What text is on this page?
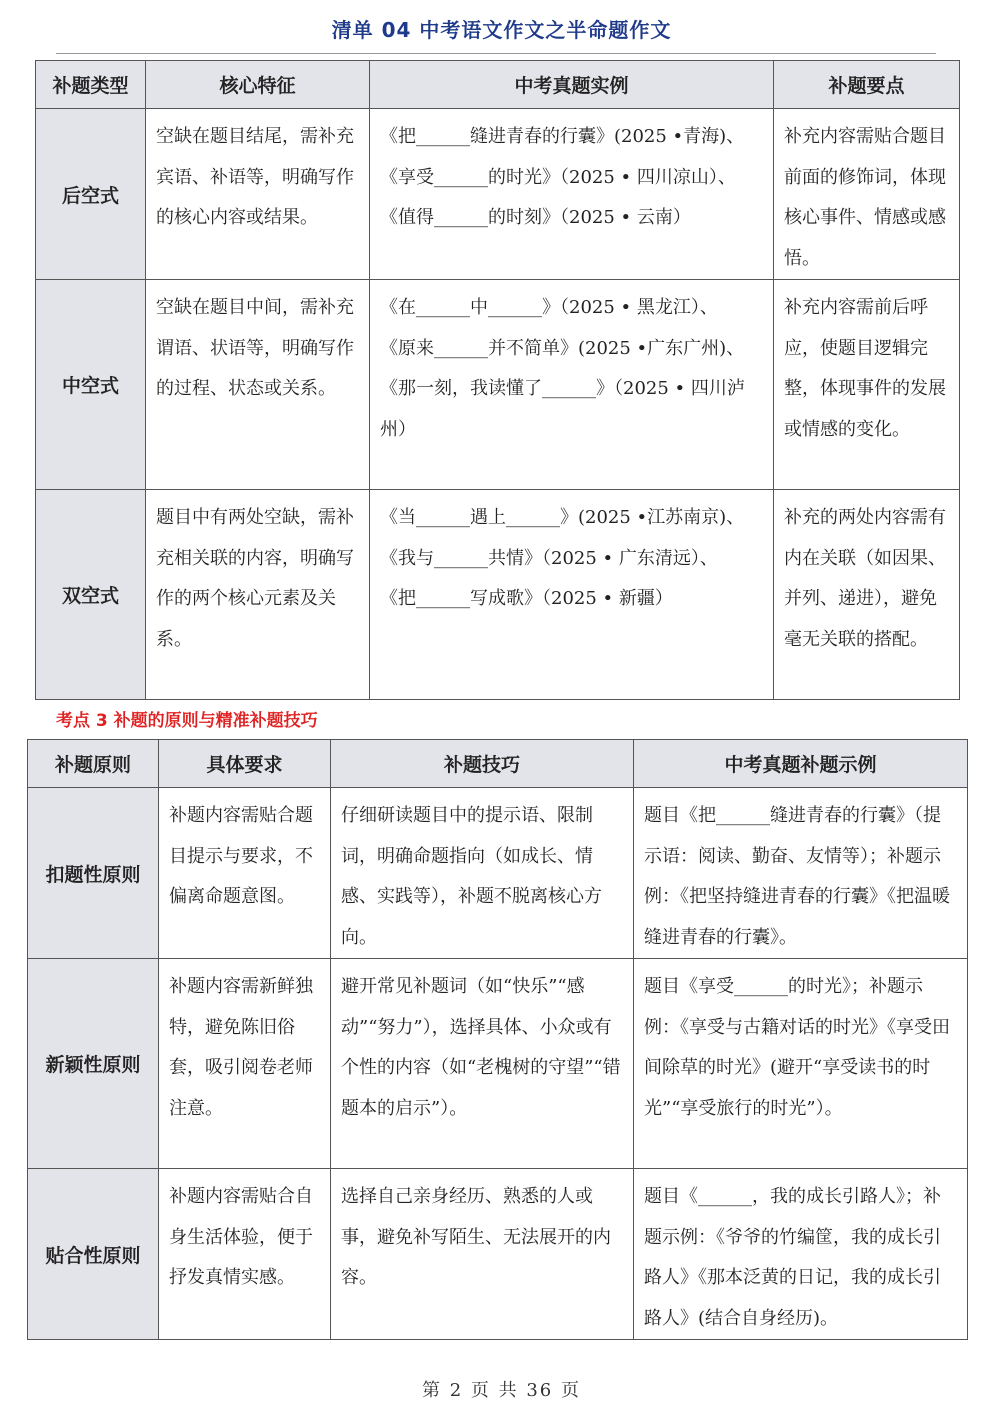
清单 04 中考语文作文之半命题作文
补题类型	核心特征	中考真题实例	补题要点
后空式	空缺在题目结尾，需补充宾语、补语等，明确写作的核心内容或结果。	《把______缝进青春的行囊》(2025 •青海)、
《享受______的时光》（2025 • 四川凉山）、
《值得______的时刻》（2025 • 云南）	补充内容需贴合题目前面的修饰词，体现核心事件、情感或感悟。
中空式	空缺在题目中间，需补充谓语、状语等，明确写作的过程、状态或关系。	《在______中______》（2025 • 黑龙江）、
《原来______并不简单》(2025 •广东广州)、
《那一刻，我读懂了______》（2025 • 四川泸州）	补充内容需前后呼应，使题目逻辑完整，体现事件的发展或情感的变化。
双空式	题目中有两处空缺，需补充相关联的内容，明确写作的两个核心元素及关系。	《当______遇上______》(2025 •江苏南京)、
《我与______共情》（2025 • 广东清远）、
《把______写成歌》（2025 • 新疆）	补充的两处内容需有内在关联（如因果、并列、递进），避免毫无关联的搭配。
考点 3 补题的原则与精准补题技巧
补题原则	具体要求	补题技巧	中考真题补题示例
扣题性原则	补题内容需贴合题目提示与要求，不偏离命题意图。	仔细研读题目中的提示语、限制词，明确命题指向（如成长、情感、实践等），补题不脱离核心方向。	题目《把______缝进青春的行囊》（提示语：阅读、勤奋、友情等）；补题示例：《把坚持缝进青春的行囊》《把温暖缝进青春的行囊》。
新颖性原则	补题内容需新鲜独特，避免陈旧俗套，吸引阅卷老师注意。	避开常见补题词（如“快乐”“感动”“努力”），选择具体、小众或有个性的内容（如“老槐树的守望”“错题本的启示”）。	题目《享受______的时光》；补题示例：《享受与古籍对话的时光》《享受田间除草的时光》(避开“享受读书的时光”“享受旅行的时光”）。
贴合性原则	补题内容需贴合自身生活体验，便于抒发真情实感。	选择自己亲身经历、熟悉的人或事，避免补写陌生、无法展开的内容。	题目《______，我的成长引路人》；补题示例：《爷爷的竹编筐，我的成长引路人》《那本泛黄的日记，我的成长引路人》(结合自身经历)。
第 2 页 共 36 页
